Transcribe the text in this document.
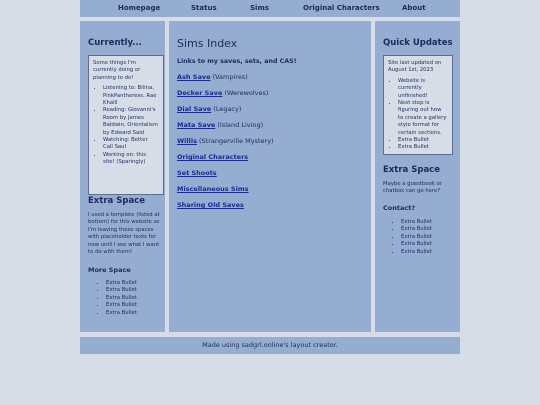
Homepage	Status	Sims	Original Characters	About
Currently...

Some things I'm currently doing or planning to do!

• Listening to: Bilina, PinkPantheress, Rae Khalil
• Reading: Giovanni's Room by James Baldwin, Orientalism by Edward Said
• Watching: Better Call Saul
• Working on: this site! (Sparingly)
Extra Space

I used a template (listed at bottom) for this website so I'm leaving these spaces with placeholder texts for now until I see what I want to do with them!

More Space
• Extra Bullet
• Extra Bullet
• Extra Bullet
• Extra Bullet
• Extra Bullet
Sims Index

Links to my saves, sets, and CAS!

Ash Save (Vampires)

Decker Save (Werewolves)

Dial Save (Legacy)

Mata Save (Island Living)

Willis (Strangerville Mystery)

Original Characters

Set Shoots

Miscellaneous Sims

Sharing Old Saves

Quick Updates

Site last updated on August 1st, 2023

• Website is currently unfinished!
• Next step is figuring out how to create a gallery style format for certain sections.
• Extra Bullet
• Extra Bullet
Extra Space

Maybe a guestbook or chatbox can go here?

Contact?
• Extra Bullet
• Extra Bullet
• Extra Bullet
• Extra Bullet
• Extra Bullet
Made using sadgrl.online's layout creator.
